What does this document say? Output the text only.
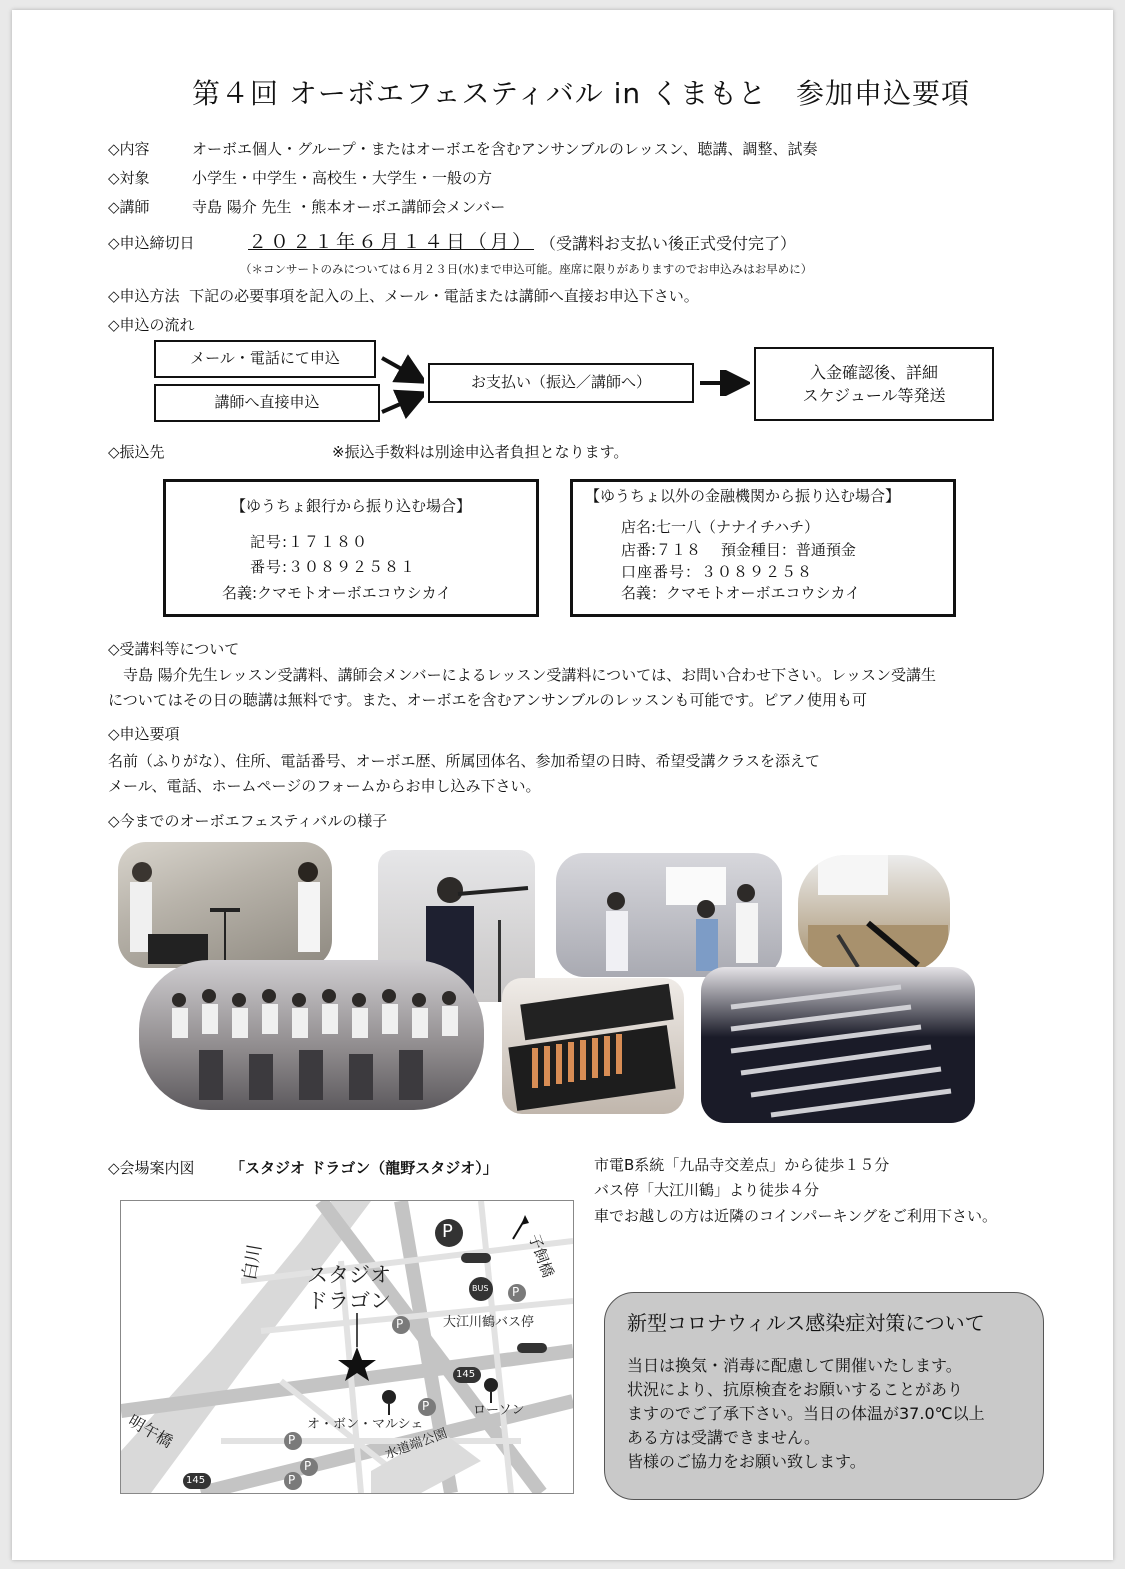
第４回 オーボエフェスティバル in くまもと　参加申込要項
◇内容	オーボエ個人・グループ・またはオーボエを含むアンサンブルのレッスン、聴講、調整、試奏
◇対象	小学生・中学生・高校生・大学生・一般の方
◇講師	寺島 陽介 先生 ・熊本オーボエ講師会メンバー
◇申込締切日	２０２１年６月１４日（月） （受講料お支払い後正式受付完了）
（＊コンサートのみについては６月２３日(水)まで申込可能。座席に限りがありますのでお申込みはお早めに）
◇申込方法 下記の必要事項を記入の上、メール・電話または講師へ直接お申込下さい。
◇申込の流れ
メール・電話にて申込
講師へ直接申込
お支払い（振込／講師へ）
入金確認後、詳細
スケジュール等発送
◇振込先	※振込手数料は別途申込者負担となります。
【ゆうちょ銀行から振り込む場合】
記号:１７１８０
番号:３０８９２５８１
名義:クマモトオーボエコウシカイ
【ゆうちょ以外の金融機関から振り込む場合】
店名:七一八（ナナイチハチ）
店番:７１８　 預金種目：普通預金
口座番号：３０８９２５８
名義：クマモトオーボエコウシカイ
◇受講料等について
　寺島 陽介先生レッスン受講料、講師会メンバーによるレッスン受講料については、お問い合わせ下さい。レッスン受講生
についてはその日の聴講は無料です。また、オーボエを含むアンサンブルのレッスンも可能です。ピアノ使用も可
◇申込要項
名前（ふりがな）、住所、電話番号、オーボエ歴、所属団体名、参加希望の日時、希望受講クラスを添えて
メール、電話、ホームページのフォームからお申し込み下さい。
◇今までのオーボエフェスティバルの様子
◇会場案内図 「スタジオ ドラゴン（龍野スタジオ）」	市電B系統「九品寺交差点」から徒歩１５分
バス停「大江川鶴」より徒歩４分
車でお越しの方は近隣のコインパーキングをご利用下さい。
白川 スタジオ
ドラゴン
子飼橋
明午橋
大江川鶴バス停
BUS
145
145
ローソン
オ・ボン・マルシェ
水道端公園
P
P
P
P
P
P
P
新型コロナウィルス感染症対策について
当日は換気・消毒に配慮して開催いたします。
状況により、抗原検査をお願いすることがあり
ますのでご了承下さい。当日の体温が37.0℃以上
ある方は受講できません。
皆様のご協力をお願い致します。
